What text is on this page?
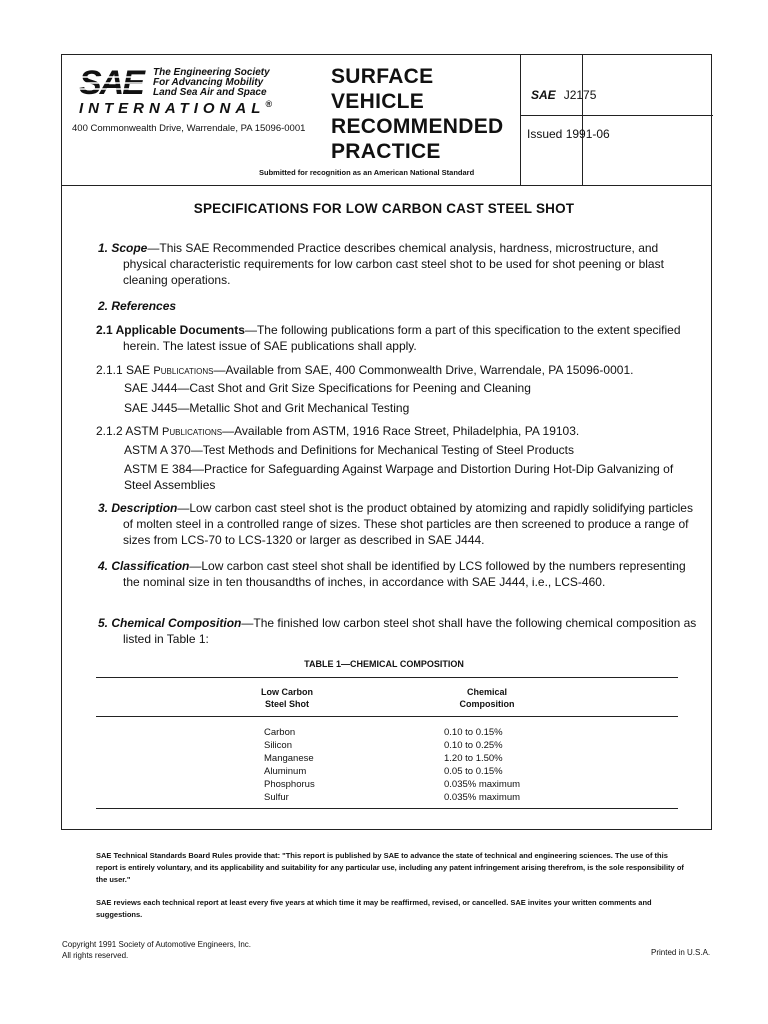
SAE	The Engineering Society
For Advancing Mobility
Land Sea Air and Space
INTERNATIONAL®
400 Commonwealth Drive, Warrendale, PA 15096-0001
SURFACE
VEHICLE
RECOMMENDED
PRACTICE
Submitted for recognition as an American National Standard
SAE J2175
Issued 1991-06
SPECIFICATIONS FOR LOW CARBON CAST STEEL SHOT
1. Scope—This SAE Recommended Practice describes chemical analysis, hardness, microstructure, and physical characteristic requirements for low carbon cast steel shot to be used for shot peening or blast cleaning operations.
2. References
2.1 Applicable Documents—The following publications form a part of this specification to the extent specified herein. The latest issue of SAE publications shall apply.
2.1.1 SAE Publications—Available from SAE, 400 Commonwealth Drive, Warrendale, PA 15096-0001.
SAE J444—Cast Shot and Grit Size Specifications for Peening and Cleaning
SAE J445—Metallic Shot and Grit Mechanical Testing
2.1.2 ASTM Publications—Available from ASTM, 1916 Race Street, Philadelphia, PA 19103.
ASTM A 370—Test Methods and Definitions for Mechanical Testing of Steel Products
ASTM E 384—Practice for Safeguarding Against Warpage and Distortion During Hot-Dip Galvanizing of Steel Assemblies
3. Description—Low carbon cast steel shot is the product obtained by atomizing and rapidly solidifying particles of molten steel in a controlled range of sizes. These shot particles are then screened to produce a range of sizes from LCS-70 to LCS-1320 or larger as described in SAE J444.
4. Classification—Low carbon cast steel shot shall be identified by LCS followed by the numbers representing the nominal size in ten thousandths of inches, in accordance with SAE J444, i.e., LCS-460.
5. Chemical Composition—The finished low carbon steel shot shall have the following chemical composition as listed in Table 1:
TABLE 1—CHEMICAL COMPOSITION
Low Carbon
Steel Shot
Chemical
Composition
Carbon
Silicon
Manganese
Aluminum
Phosphorus
Sulfur
0.10 to 0.15%
0.10 to 0.25%
1.20 to 1.50%
0.05 to 0.15%
0.035% maximum
0.035% maximum
SAE Technical Standards Board Rules provide that: "This report is published by SAE to advance the state of technical and engineering sciences. The use of this report is entirely voluntary, and its applicability and suitability for any particular use, including any patent infringement arising therefrom, is the sole responsibility of the user."
SAE reviews each technical report at least every five years at which time it may be reaffirmed, revised, or cancelled. SAE invites your written comments and suggestions.
Copyright 1991 Society of Automotive Engineers, Inc.
All rights reserved.	Printed in U.S.A.
